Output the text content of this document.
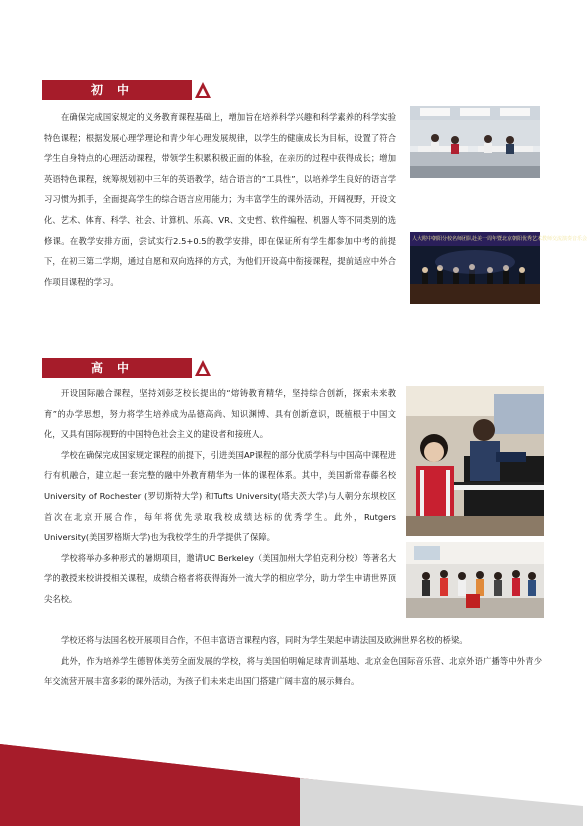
初中

在确保完成国家规定的义务教育课程基础上，增加旨在培养科学兴趣和科学素养的科学实验特色课程；根据发展心理学理论和青少年心理发展规律，以学生的健康成长为目标，设置了符合学生自身特点的心理活动课程，带领学生积累积极正面的体验，在亲历的过程中获得成长；增加英语特色课程，统筹规划初中三年的英语教学，结合语言的“工具性”，以培养学生良好的语言学习习惯为抓手，全面提高学生的综合语言应用能力；为丰富学生的课外活动，开阔视野，开设文化、艺术、体育、科学、社会、计算机、乐高、VR、文史哲、软件编程、机器人等不同类别的选修课。在教学安排方面，尝试实行2.5+0.5的教学安排，即在保证所有学生都参加中考的前提下，在初三第二学期，通过自愿和双向选择的方式，为他们开设高中衔接课程，提前适应中外合作项目课程的学习。

人大附中朝阳分校名师团队赴美一周年暨北京朝阳优秀艺术教师交流演奏音乐会
高中

开设国际融合课程，坚持刘彭芝校长提出的“熔铸教育精华，坚持综合创新，探索未来教育”的办学思想，努力将学生培养成为品德高尚、知识渊博、具有创新意识，既植根于中国文化，又具有国际视野的中国特色社会主义的建设者和接班人。

学校在确保完成国家规定课程的前提下，引进美国AP课程的部分优质学科与中国高中课程进行有机融合，建立起一套完整的融中外教育精华为一体的课程体系。其中，美国新常春藤名校University of Rochester (罗切斯特大学) 和Tufts University(塔夫茨大学)与人朝分东坝校区首次在北京开展合作，每年将优先录取我校成绩达标的优秀学生。此外，Rutgers University(美国罗格斯大学)也为我校学生的升学提供了保障。

学校将举办多种形式的暑期项目，邀请UC Berkeley（美国加州大学伯克利分校）等著名大学的教授来校讲授相关课程，成绩合格者将获得海外一流大学的相应学分，助力学生申请世界顶尖名校。

学校还将与法国名校开展项目合作，不但丰富语言课程内容，同时为学生架起申请法国及欧洲世界名校的桥梁。

此外，作为培养学生德智体美劳全面发展的学校，将与美国伯明翰足球青训基地、北京金色国际音乐营、北京外语广播等中外青少年交流营开展丰富多彩的课外活动，为孩子们未来走出国门搭建广阔丰富的展示舞台。
